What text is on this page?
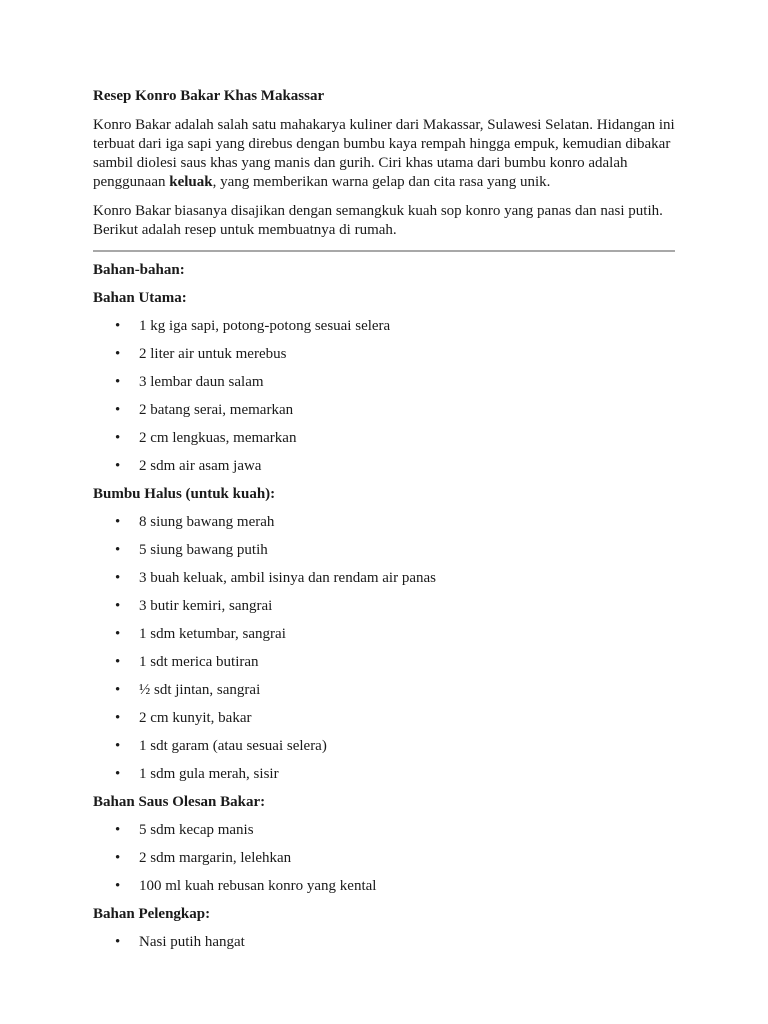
Resep Konro Bakar Khas Makassar

Konro Bakar adalah salah satu mahakarya kuliner dari Makassar, Sulawesi Selatan. Hidangan ini terbuat dari iga sapi yang direbus dengan bumbu kaya rempah hingga empuk, kemudian dibakar sambil diolesi saus khas yang manis dan gurih. Ciri khas utama dari bumbu konro adalah penggunaan keluak, yang memberikan warna gelap dan cita rasa yang unik.

Konro Bakar biasanya disajikan dengan semangkuk kuah sop konro yang panas dan nasi putih. Berikut adalah resep untuk membuatnya di rumah.

Bahan-bahan:
Bahan Utama:
• 1 kg iga sapi, potong-potong sesuai selera
• 2 liter air untuk merebus
• 3 lembar daun salam
• 2 batang serai, memarkan
• 2 cm lengkuas, memarkan
• 2 sdm air asam jawa
Bumbu Halus (untuk kuah):
• 8 siung bawang merah
• 5 siung bawang putih
• 3 buah keluak, ambil isinya dan rendam air panas
• 3 butir kemiri, sangrai
• 1 sdm ketumbar, sangrai
• 1 sdt merica butiran
• ½ sdt jintan, sangrai
• 2 cm kunyit, bakar
• 1 sdt garam (atau sesuai selera)
• 1 sdm gula merah, sisir
Bahan Saus Olesan Bakar:
• 5 sdm kecap manis
• 2 sdm margarin, lelehkan
• 100 ml kuah rebusan konro yang kental
Bahan Pelengkap:
• Nasi putih hangat
